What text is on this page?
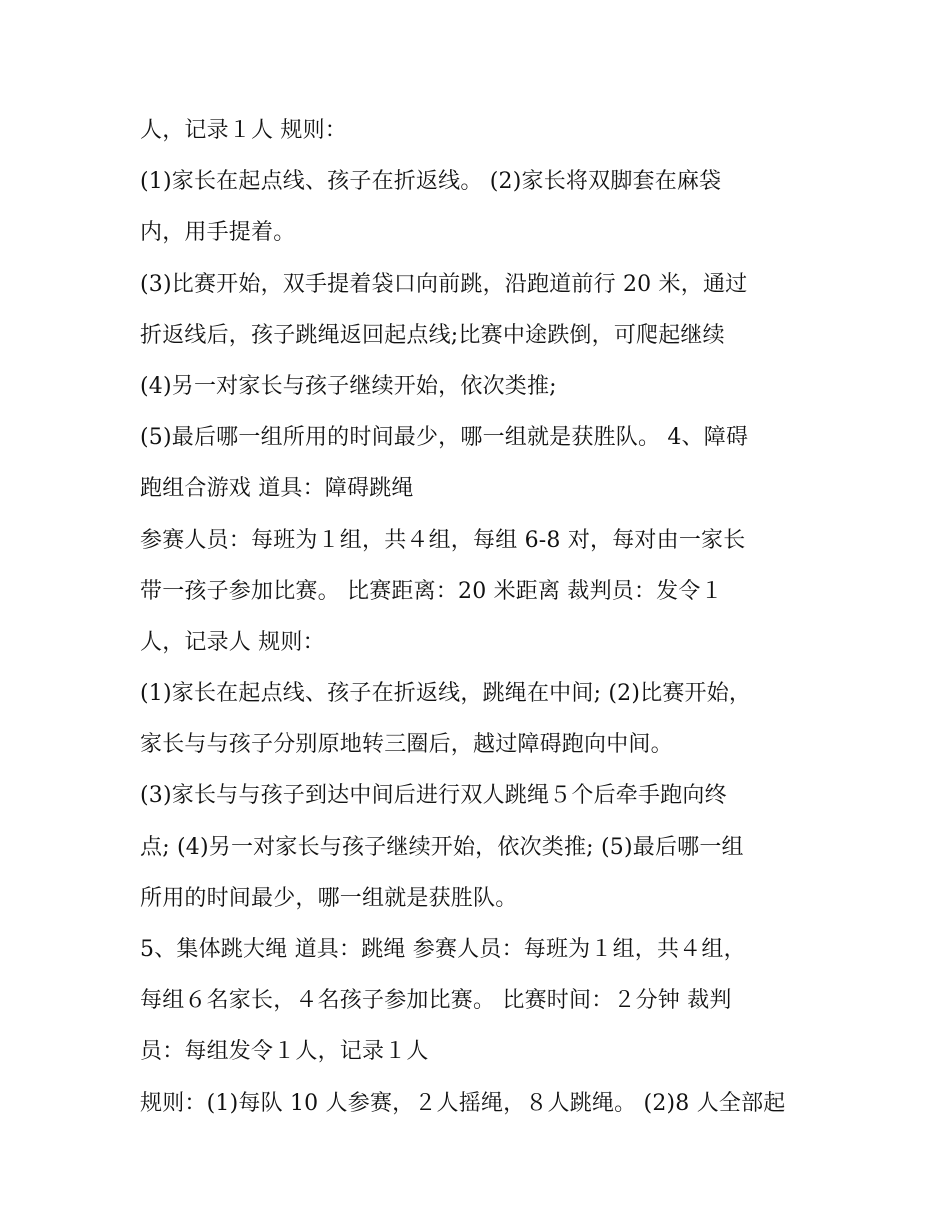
人，记录１人 规则：
(1)家长在起点线、孩子在折返线。 (2)家长将双脚套在麻袋
内，用手提着。
(3)比赛开始，双手提着袋口向前跳，沿跑道前行 20 米，通过
折返线后，孩子跳绳返回起点线;比赛中途跌倒，可爬起继续
(4)另一对家长与孩子继续开始，依次类推;
(5)最后哪一组所用的时间最少，哪一组就是获胜队。 4、障碍
跑组合游戏 道具：障碍跳绳
参赛人员：每班为１组，共４组，每组 6-8 对，每对由一家长
带一孩子参加比赛。 比赛距离：20 米距离 裁判员：发令１
人，记录人 规则：
(1)家长在起点线、孩子在折返线，跳绳在中间; (2)比赛开始，
家长与与孩子分别原地转三圈后，越过障碍跑向中间。
(3)家长与与孩子到达中间后进行双人跳绳５个后牵手跑向终
点; (4)另一对家长与孩子继续开始，依次类推; (5)最后哪一组
所用的时间最少，哪一组就是获胜队。
5、集体跳大绳 道具：跳绳 参赛人员：每班为１组，共４组，
每组６名家长，４名孩子参加比赛。 比赛时间：２分钟 裁判
员：每组发令１人，记录１人
规则：(1)每队 10 人参赛，２人摇绳，８人跳绳。 (2)8 人全部起
